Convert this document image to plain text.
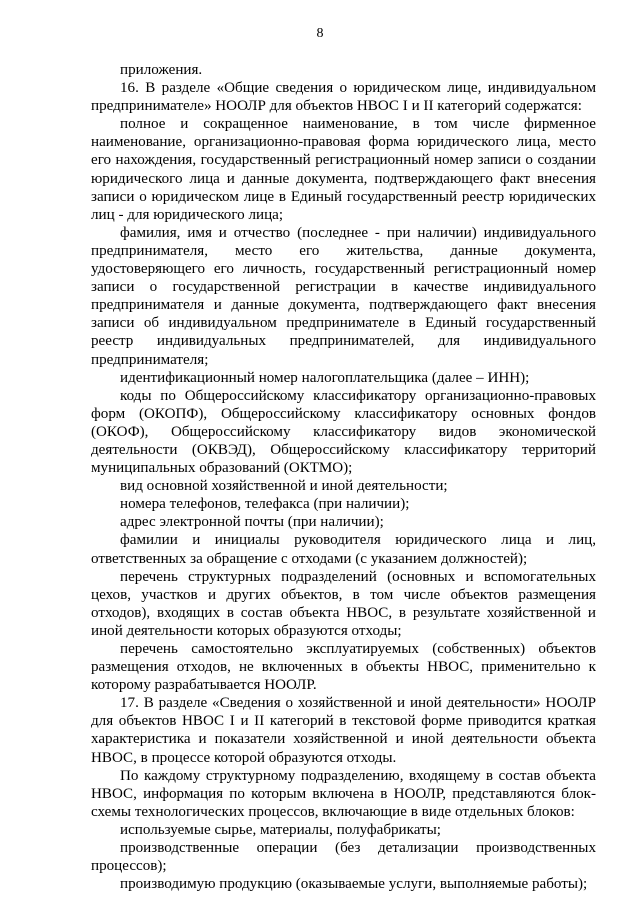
8

приложения.

16. В разделе «Общие сведения о юридическом лице, индивидуальном предпринимателе» НООЛР для объектов НВОС I и II категорий содержатся:

полное и сокращенное наименование, в том числе фирменное наименование, организационно-правовая форма юридического лица, место его нахождения, государственный регистрационный номер записи о создании юридического лица и данные документа, подтверждающего факт внесения записи о юридическом лице в Единый государственный реестр юридических лиц - для юридического лица;

фамилия, имя и отчество (последнее - при наличии) индивидуального предпринимателя, место его жительства, данные документа, удостоверяющего его личность, государственный регистрационный номер записи о государственной регистрации в качестве индивидуального предпринимателя и данные документа, подтверждающего факт внесения записи об индивидуальном предпринимателе в Единый государственный реестр индивидуальных предпринимателей, для индивидуального предпринимателя;

идентификационный номер налогоплательщика (далее – ИНН);

коды по Общероссийскому классификатору организационно-правовых форм (ОКОПФ), Общероссийскому классификатору основных фондов (ОКОФ), Общероссийскому классификатору видов экономической деятельности (ОКВЭД), Общероссийскому классификатору территорий муниципальных образований (ОКТМО);

вид основной хозяйственной и иной деятельности;

номера телефонов, телефакса (при наличии);

адрес электронной почты (при наличии);

фамилии и инициалы руководителя юридического лица и лиц, ответственных за обращение с отходами (с указанием должностей);

перечень структурных подразделений (основных и вспомогательных цехов, участков и других объектов, в том числе объектов размещения отходов), входящих в состав объекта НВОС, в результате хозяйственной и иной деятельности которых образуются отходы;

перечень самостоятельно эксплуатируемых (собственных) объектов размещения отходов, не включенных в объекты НВОС, применительно к которому разрабатывается НООЛР.

17. В разделе «Сведения о хозяйственной и иной деятельности» НООЛР для объектов НВОС I и II категорий в текстовой форме приводится краткая характеристика и показатели хозяйственной и иной деятельности объекта НВОС, в процессе которой образуются отходы.

По каждому структурному подразделению, входящему в состав объекта НВОС, информация по которым включена в НООЛР, представляются блок-схемы технологических процессов, включающие в виде отдельных блоков:

используемые сырье, материалы, полуфабрикаты;

производственные операции (без детализации производственных процессов);

производимую продукцию (оказываемые услуги, выполняемые работы);
